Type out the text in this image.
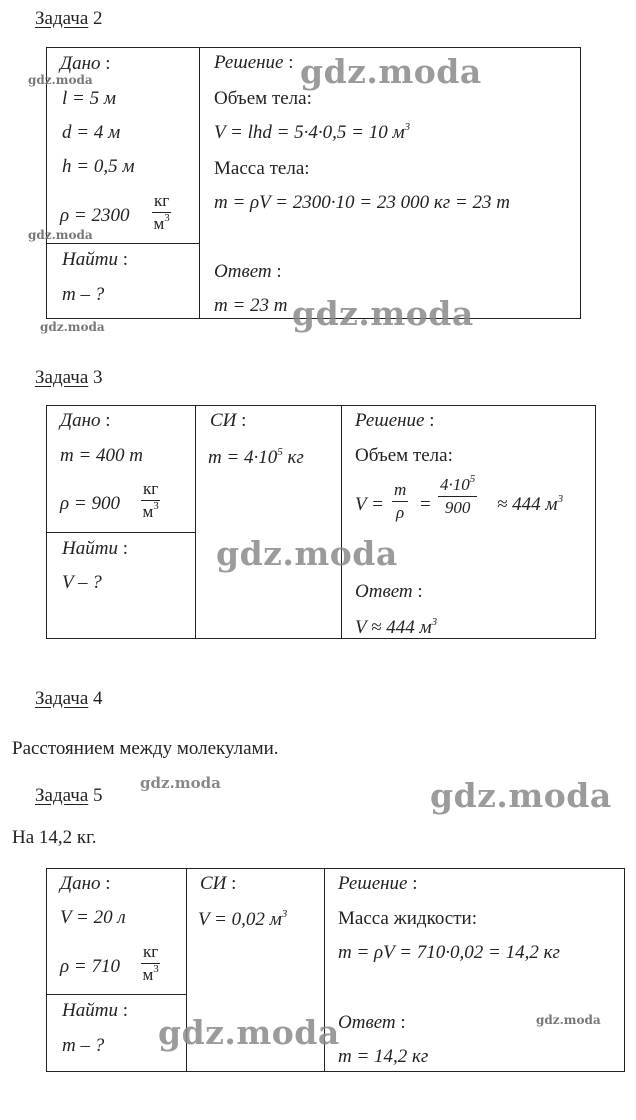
Задача 2
Дано :
l = 5 м
d = 4 м
h = 0,5 м
ρ = 2300
кг
$м^3$
Найти :
m – ?
Решение :
Объем тела:
V = lhd = 5·4·0,5 = 10 $м^3$
Масса тела:
m = ρV = 2300·10 = 23 000 кг = 23 т
Ответ :
m = 23 т
Задача 3
Дано :
m = 400 т
ρ = 900
кг
$м^3$
Найти :
V – ?
СИ :
$m = 4\cdot 10^5$ кг
Решение :
Объем тела:
$V = \frac{m}{\rho} = \frac{4\cdot 10^5}{900} \approx 444$ $м^3$
Ответ :
V ≈ 444 $м^3$
Задача 4
Расстоянием между молекулами.
Задача 5
На 14,2 кг.
Дано :
V = 20 л
ρ = 710
кг
$м^3$
Найти :
m – ?
СИ :
V = 0,02 $м^3$
Решение :
Масса жидкости:
m = ρV = 710·0,02 = 14,2 кг
Ответ :
m = 14,2 кг
gdz.moda
gdz.moda
gdz.moda
gdz.moda
gdz.moda
gdz.moda
gdz.moda
gdz.moda
gdz.moda
gdz.moda
